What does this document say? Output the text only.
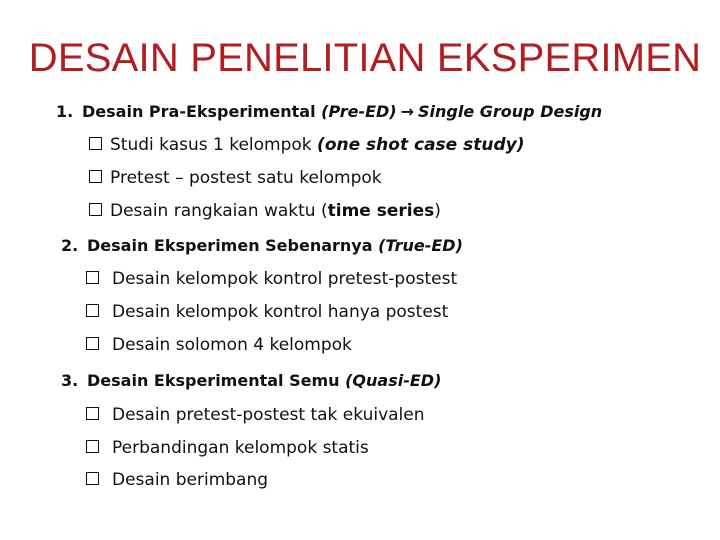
DESAIN PENELITIAN EKSPERIMEN
1. Desain Pra-Eksperimental (Pre-ED) → Single Group Design
Studi kasus 1 kelompok (one shot case study)
Pretest – postest satu kelompok
Desain rangkaian waktu (time series)
2. Desain Eksperimen Sebenarnya (True-ED)
Desain kelompok kontrol pretest-postest
Desain kelompok kontrol hanya postest
Desain solomon 4 kelompok
3. Desain Eksperimental Semu (Quasi-ED)
Desain pretest-postest tak ekuivalen
Perbandingan kelompok statis
Desain berimbang
